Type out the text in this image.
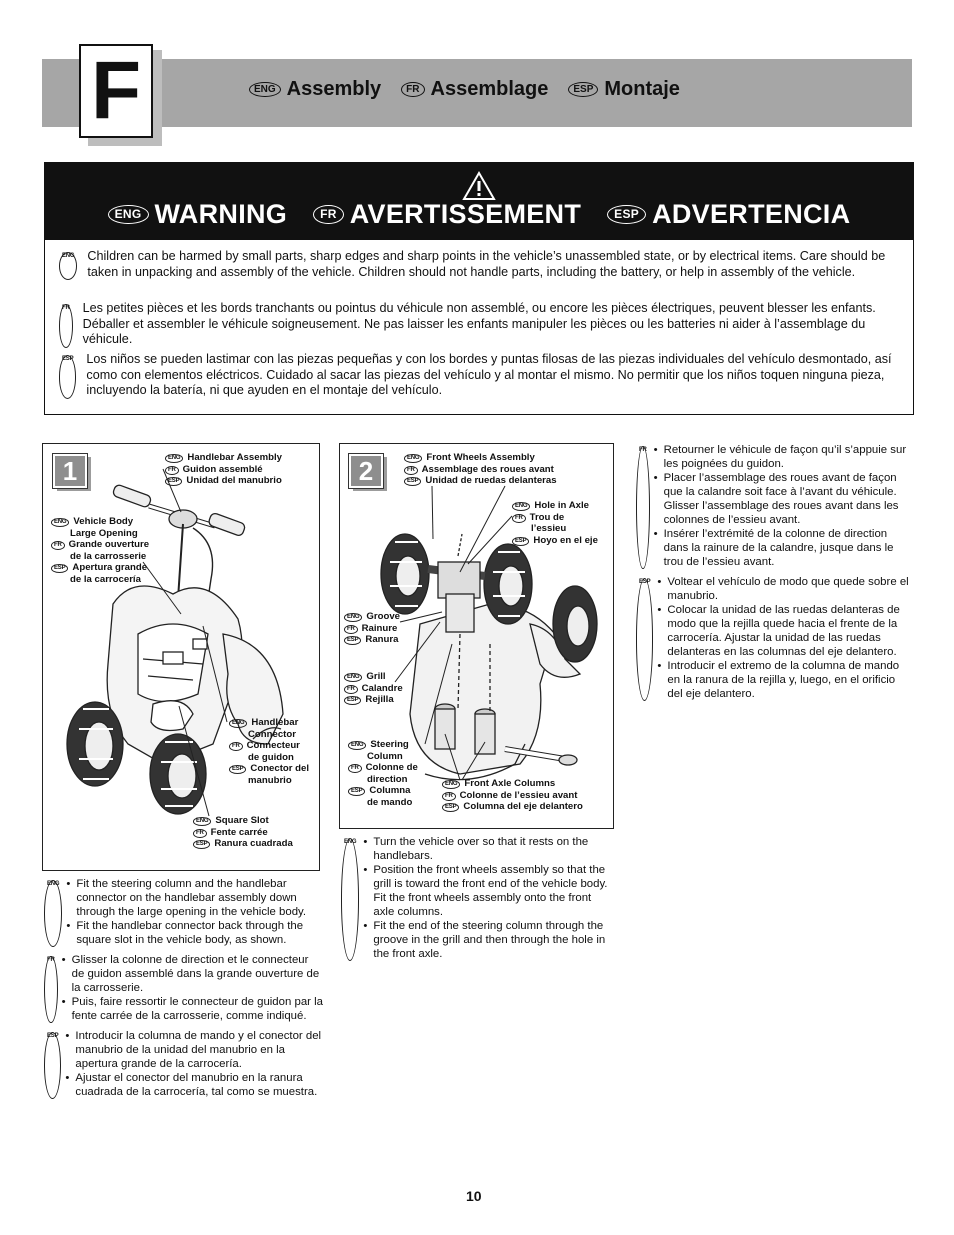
F	ENG Assembly	FR Assemblage	ESP Montaje
ENG WARNING	FR AVERTISSEMENT	ESP ADVERTENCIA
ENG Children can be harmed by small parts, sharp edges and sharp points in the vehicle’s unassembled state, or by electrical items. Care should be taken in unpacking and assembly of the vehicle. Children should not handle parts, including the battery, or help in assembly of the vehicle.
FR Les petites pièces et les bords tranchants ou pointus du véhicule non assemblé, ou encore les pièces électriques, peuvent blesser les enfants. Déballer et assembler le véhicule soigneusement. Ne pas laisser les enfants manipuler les pièces ou les batteries ni aider à l’assemblage du véhicule.
ESP Los niños se pueden lastimar con las piezas pequeñas y con los bordes y puntas filosas de las piezas individuales del vehículo desmontado, así como con elementos eléctricos. Cuidado al sacar las piezas del vehículo y al montar el mismo. No permitir que los niños toquen ninguna pieza, incluyendo la batería, ni que ayuden en el montaje del vehículo.
1	ENG Handlebar Assembly
FR Guidon assemblé
ESP Unidad del manubrio
ENG Vehicle Body
Large Opening
FR Grande ouverture
de la carrosserie
ESP Apertura grande
de la carrocería
ENG Handlebar
Connector
FR Connecteur
de guidon
ESP Conector del
manubrio
ENG Square Slot
FR Fente carrée
ESP Ranura cuadrada
2	ENG Front Wheels Assembly
FR Assemblage des roues avant
ESP Unidad de ruedas delanteras
ENG Hole in Axle
FR Trou de
l’essieu
ESP Hoyo en el eje
ENG Groove
FR Rainure
ESP Ranura
ENG Grill
FR Calandre
ESP Rejilla
ENG Steering
Column
FR Colonne de
direction
ESP Columna
de mando
ENG Front Axle Columns
FR Colonne de l’essieu avant
ESP Columna del eje delantero
ENG	• Fit the steering column and the handlebar connector on the handlebar assembly down through the large opening in the vehicle body.
• Fit the handlebar connector back through the square slot in the vehicle body, as shown.
FR	• Glisser la colonne de direction et le connecteur de guidon assemblé dans la grande ouverture de la carrosserie.
• Puis, faire ressortir le connecteur de guidon par la fente carrée de la carrosserie, comme indiqué.
ESP	• Introducir la columna de mando y el conector del manubrio de la unidad del manubrio en la apertura grande de la carrocería.
• Ajustar el conector del manubrio en la ranura cuadrada de la carrocería, tal como se muestra.
ENG	• Turn the vehicle over so that it rests on the handlebars.
• Position the front wheels assembly so that the grill is toward the front end of the vehicle body. Fit the front wheels assembly onto the front axle columns.
• Fit the end of the steering column through the groove in the grill and then through the hole in the front axle.
FR	• Retourner le véhicule de façon qu’il s’appuie sur les poignées du guidon.
• Placer l’assemblage des roues avant de façon que la calandre soit face à l’avant du véhicule. Glisser l’assemblage des roues avant dans les colonnes de l’essieu avant.
• Insérer l’extrémité de la colonne de direction dans la rainure de la calandre, jusque dans le trou de l’essieu avant.
ESP	• Voltear el vehículo de modo que quede sobre el manubrio.
• Colocar la unidad de las ruedas delanteras de modo que la rejilla quede hacia el frente de la carrocería. Ajustar la unidad de las ruedas delanteras en las columnas del eje delantero.
• Introducir el extremo de la columna de mando en la ranura de la rejilla y, luego, en el orificio del eje delantero.
10
